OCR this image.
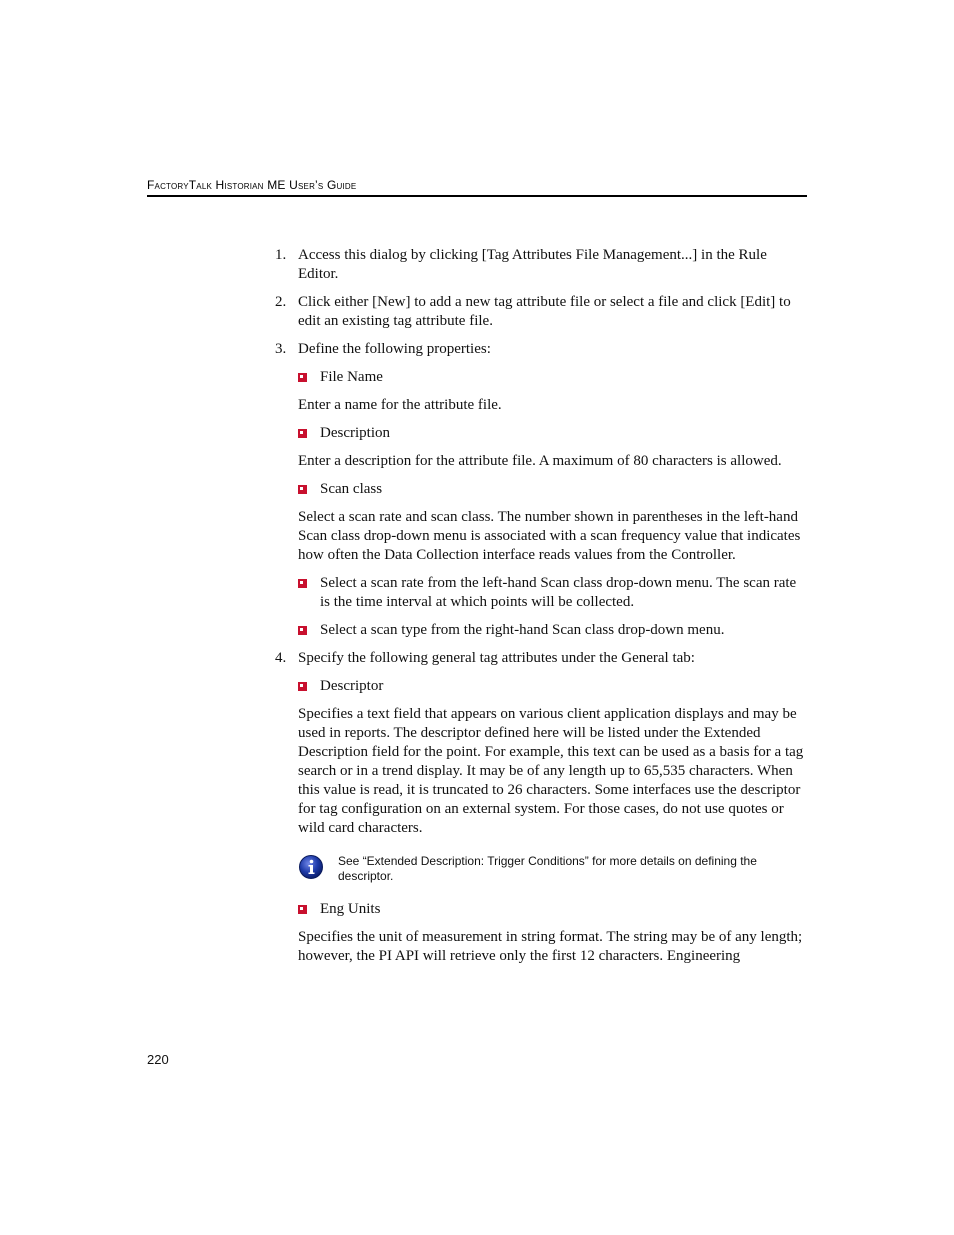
FactoryTalk Historian ME User’s Guide
1. Access this dialog by clicking [Tag Attributes File Management...] in the Rule Editor.
2. Click either [New] to add a new tag attribute file or select a file and click [Edit] to edit an existing tag attribute file.
3. Define the following properties:
File Name

Enter a name for the attribute file.

Description

Enter a description for the attribute file. A maximum of 80 characters is allowed.

Scan class

Select a scan rate and scan class. The number shown in parentheses in the left-hand Scan class drop-down menu is associated with a scan frequency value that indicates how often the Data Collection interface reads values from the Controller.

Select a scan rate from the left-hand Scan class drop-down menu. The scan rate is the time interval at which points will be collected.
Select a scan type from the right-hand Scan class drop-down menu.
4. Specify the following general tag attributes under the General tab:
Descriptor

Specifies a text field that appears on various client application displays and may be used in reports. The descriptor defined here will be listed under the Extended Description field for the point. For example, this text can be used as a basis for a tag search or in a trend display. It may be of any length up to 65,535 characters. When this value is read, it is truncated to 26 characters. Some interfaces use the descriptor for tag configuration on an external system. For those cases, do not use quotes or wild card characters.

See “Extended Description: Trigger Conditions” for more details on defining the descriptor.
Eng Units

Specifies the unit of measurement in string format. The string may be of any length; however, the PI API will retrieve only the first 12 characters. Engineering

220
